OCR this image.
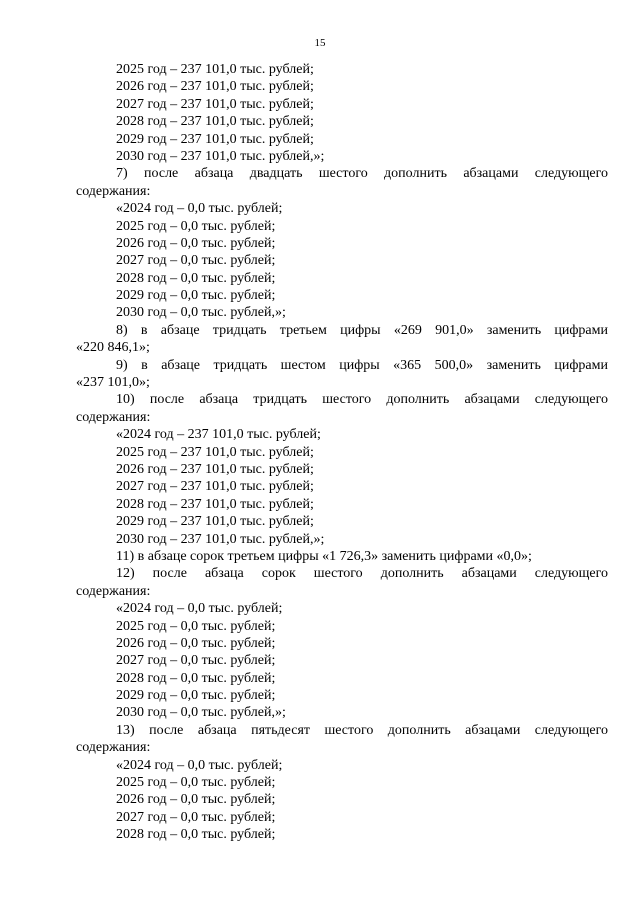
15
2025 год – 237 101,0 тыс. рублей;
2026 год – 237 101,0 тыс. рублей;
2027 год – 237 101,0 тыс. рублей;
2028 год – 237 101,0 тыс. рублей;
2029 год – 237 101,0 тыс. рублей;
2030 год – 237 101,0 тыс. рублей,»;
7) после абзаца двадцать шестого дополнить абзацами следующего
содержания:
«2024 год – 0,0 тыс. рублей;
2025 год – 0,0 тыс. рублей;
2026 год – 0,0 тыс. рублей;
2027 год – 0,0 тыс. рублей;
2028 год – 0,0 тыс. рублей;
2029 год – 0,0 тыс. рублей;
2030 год – 0,0 тыс. рублей,»;
8) в абзаце тридцать третьем цифры «269 901,0» заменить цифрами
«220 846,1»;
9) в абзаце тридцать шестом цифры «365 500,0» заменить цифрами
«237 101,0»;
10) после абзаца тридцать шестого дополнить абзацами следующего
содержания:
«2024 год – 237 101,0 тыс. рублей;
2025 год – 237 101,0 тыс. рублей;
2026 год – 237 101,0 тыс. рублей;
2027 год – 237 101,0 тыс. рублей;
2028 год – 237 101,0 тыс. рублей;
2029 год – 237 101,0 тыс. рублей;
2030 год – 237 101,0 тыс. рублей,»;
11) в абзаце сорок третьем цифры «1 726,3» заменить цифрами «0,0»;
12) после абзаца сорок шестого дополнить абзацами следующего
содержания:
«2024 год – 0,0 тыс. рублей;
2025 год – 0,0 тыс. рублей;
2026 год – 0,0 тыс. рублей;
2027 год – 0,0 тыс. рублей;
2028 год – 0,0 тыс. рублей;
2029 год – 0,0 тыс. рублей;
2030 год – 0,0 тыс. рублей,»;
13) после абзаца пятьдесят шестого дополнить абзацами следующего
содержания:
«2024 год – 0,0 тыс. рублей;
2025 год – 0,0 тыс. рублей;
2026 год – 0,0 тыс. рублей;
2027 год – 0,0 тыс. рублей;
2028 год – 0,0 тыс. рублей;
